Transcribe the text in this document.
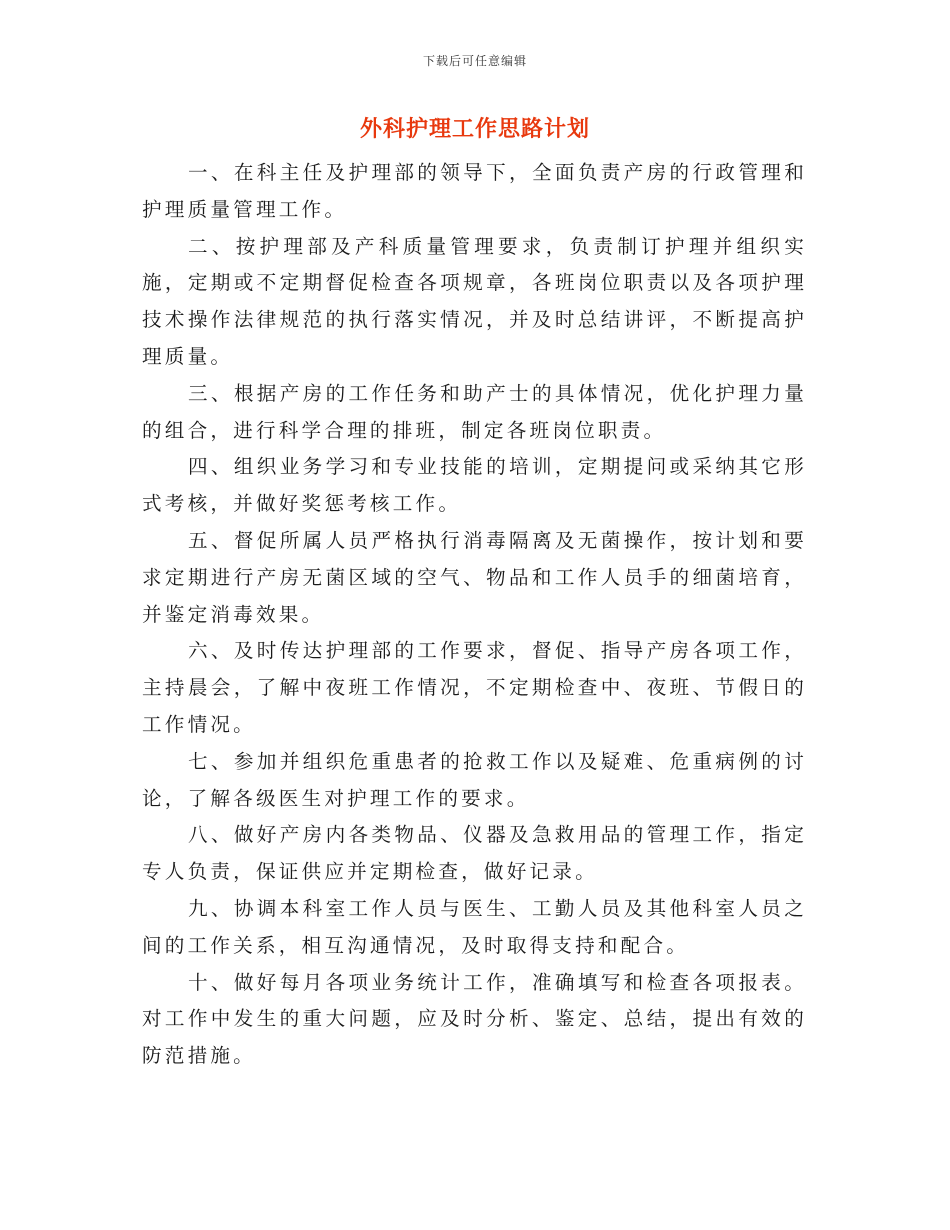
下载后可任意编辑
外科护理工作思路计划

一、在科主任及护理部的领导下，全面负责产房的行政管理和护理质量管理工作。

二、按护理部及产科质量管理要求，负责制订护理并组织实施，定期或不定期督促检查各项规章，各班岗位职责以及各项护理技术操作法律规范的执行落实情况，并及时总结讲评，不断提高护理质量。

三、根据产房的工作任务和助产士的具体情况，优化护理力量的组合，进行科学合理的排班，制定各班岗位职责。

四、组织业务学习和专业技能的培训，定期提问或采纳其它形式考核，并做好奖惩考核工作。

五、督促所属人员严格执行消毒隔离及无菌操作，按计划和要求定期进行产房无菌区域的空气、物品和工作人员手的细菌培育，并鉴定消毒效果。

六、及时传达护理部的工作要求，督促、指导产房各项工作，主持晨会，了解中夜班工作情况，不定期检查中、夜班、节假日的工作情况。

七、参加并组织危重患者的抢救工作以及疑难、危重病例的讨论，了解各级医生对护理工作的要求。

八、做好产房内各类物品、仪器及急救用品的管理工作，指定专人负责，保证供应并定期检查，做好记录。

九、协调本科室工作人员与医生、工勤人员及其他科室人员之间的工作关系，相互沟通情况，及时取得支持和配合。

十、做好每月各项业务统计工作，准确填写和检查各项报表。对工作中发生的重大问题，应及时分析、鉴定、总结，提出有效的防范措施。
